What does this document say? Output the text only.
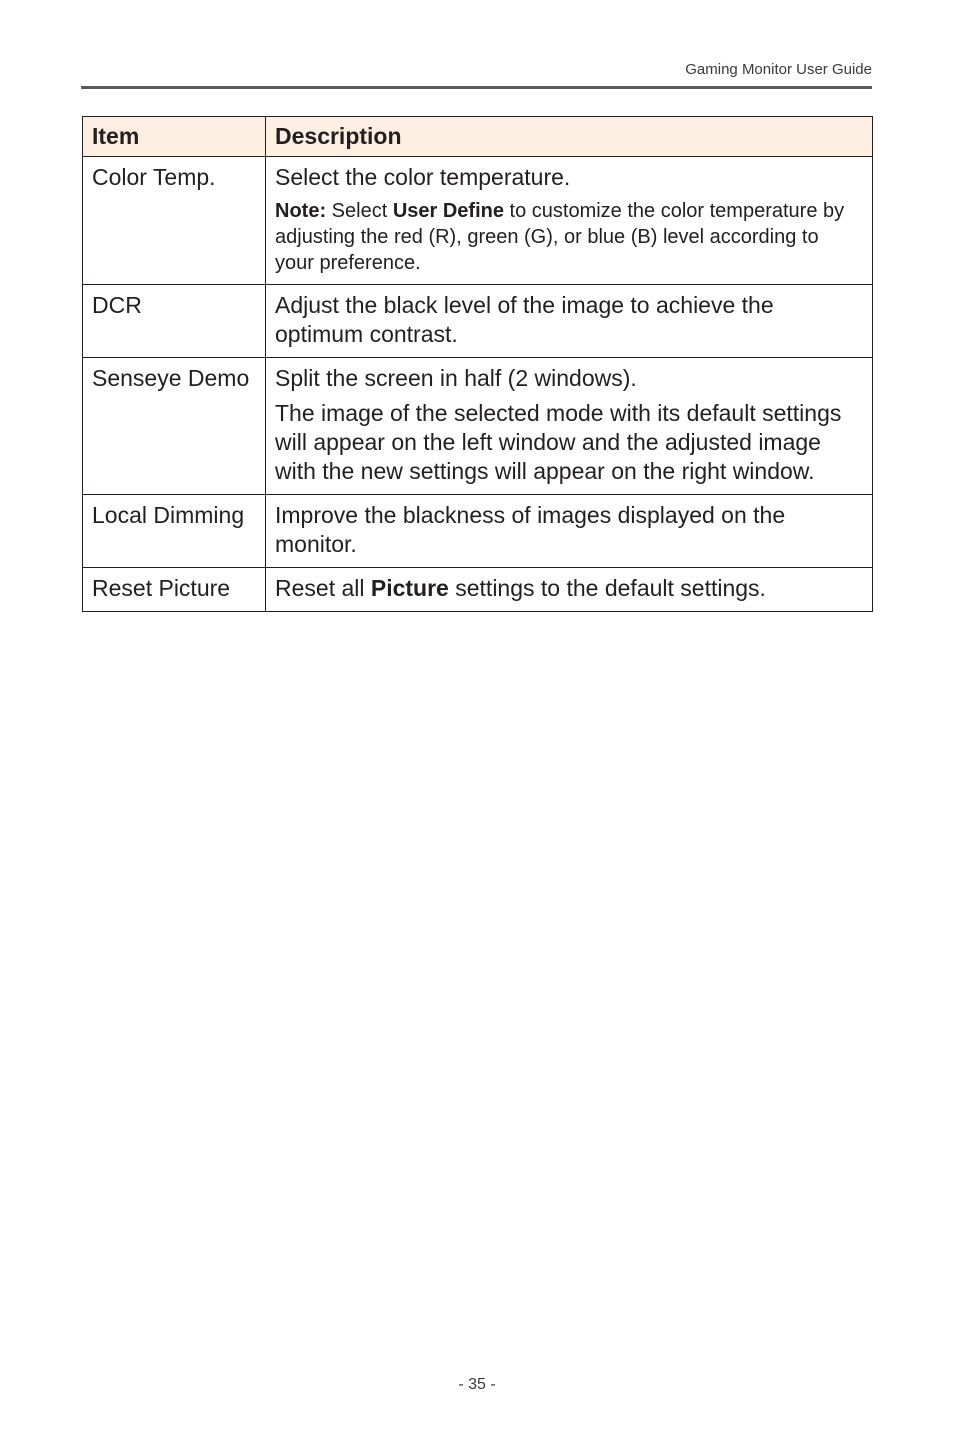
Gaming Monitor User Guide
Item	Description
Color Temp.	Select the color temperature.

Note: Select User Define to customize the color temperature by adjusting the red (R), green (G), or blue (B) level according to your preference.

DCR	Adjust the black level of the image to achieve the optimum contrast.

Senseye Demo	Split the screen in half (2 windows).

The image of the selected mode with its default settings will appear on the left window and the adjusted image with the new settings will appear on the right window.

Local Dimming	Improve the blackness of images displayed on the monitor.

Reset Picture	Reset all Picture settings to the default settings.

- 35 -
